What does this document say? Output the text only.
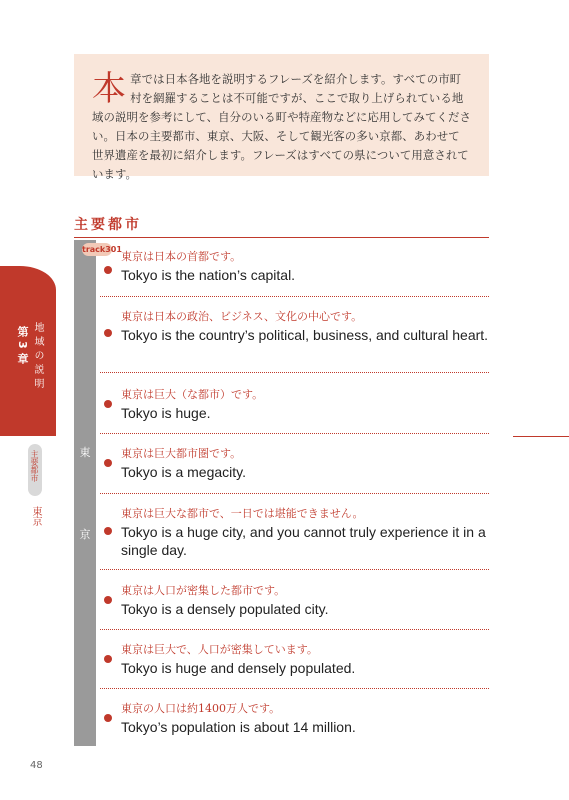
本章では日本各地を説明するフレーズを紹介します。すべての市町村を網羅することは不可能ですが、ここで取り上げられている地域の説明を参考にして、自分のいる町や特産物などに応用してみてください。日本の主要都市、東京、大阪、そして観光客の多い京都、あわせて世界遺産を最初に紹介します。フレーズはすべての県について用意されています。

主要都市
東
京
track301
地域の説明
第3章
主要都市
東京
東京は日本の首都です。
Tokyo is the nation’s capital.
東京は日本の政治、ビジネス、文化の中心です。
Tokyo is the country’s political, business, and cultural heart.
東京は巨大（な都市）です。
Tokyo is huge.
東京は巨大都市圏です。
Tokyo is a megacity.
東京は巨大な都市で、一日では堪能できません。
Tokyo is a huge city, and you cannot truly experience it in a single day.
東京は人口が密集した都市です。
Tokyo is a densely populated city.
東京は巨大で、人口が密集しています。
Tokyo is huge and densely populated.
東京の人口は約1400万人です。
Tokyo’s population is about 14 million.
48
